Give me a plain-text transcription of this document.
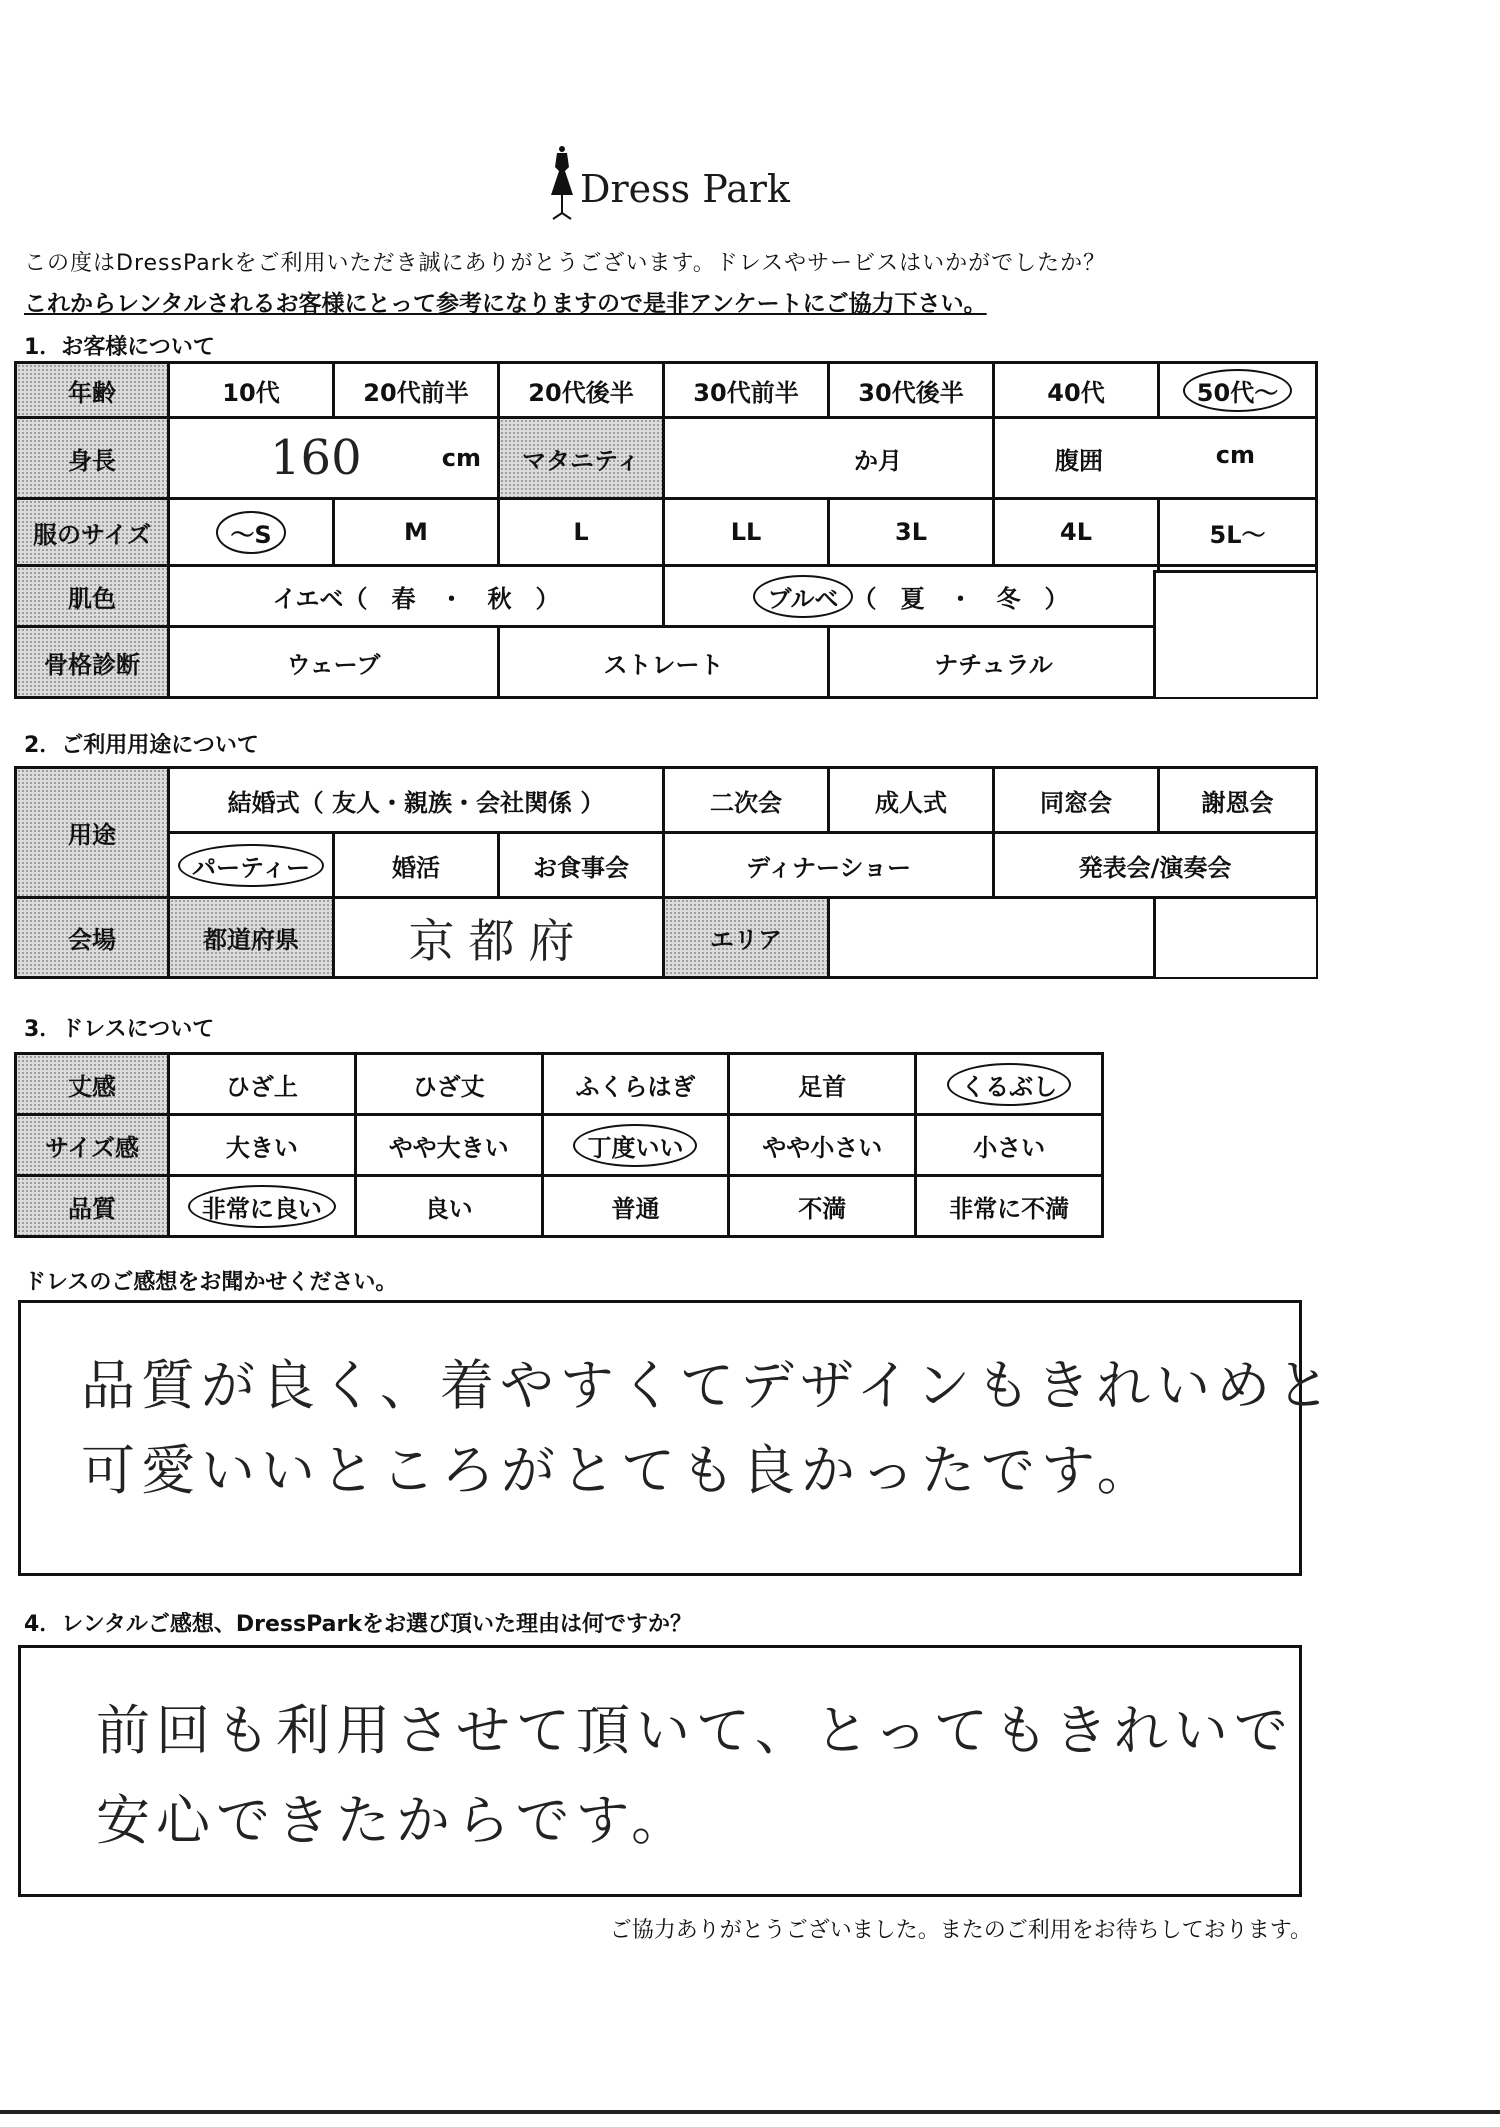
Dress Park
この度はDressParkをご利用いただき誠にありがとうございます。ドレスやサービスはいかがでしたか？
これからレンタルされるお客様にとって参考になりますので是非アンケートにご協力下さい。
1．お客様について
年齢	10代	20代前半	20代後半	30代前半	30代後半	40代	50代～
身長	160	cm	マタニティ	か月	腹囲	cm
服のサイズ	～S	M	L	LL	3L	4L	5L～
肌色	イエベ （　春　・　秋　）	ブルベ （　夏　・　冬　）
骨格診断	ウェーブ	ストレート	ナチュラル
2．ご利用用途について
用途
結婚式（ 友人・親族・会社関係 ）	二次会	成人式	同窓会	謝恩会
パーティー	婚活	お食事会	ディナーショー	発表会/演奏会
会場	都道府県	京都府	エリア
3．ドレスについて
丈感	ひざ上	ひざ丈	ふくらはぎ	足首	くるぶし
サイズ感	大きい	やや大きい	丁度いい	やや小さい	小さい
品質	非常に良い	良い	普通	不満	非常に不満
ドレスのご感想をお聞かせください。
品質が良く、着やすくてデザインもきれいめと
可愛いいところがとても良かったです。
4．レンタルご感想、DressParkをお選び頂いた理由は何ですか？
前回も利用させて頂いて、とってもきれいで
安心できたからです。
ご協力ありがとうございました。またのご利用をお待ちしております。
